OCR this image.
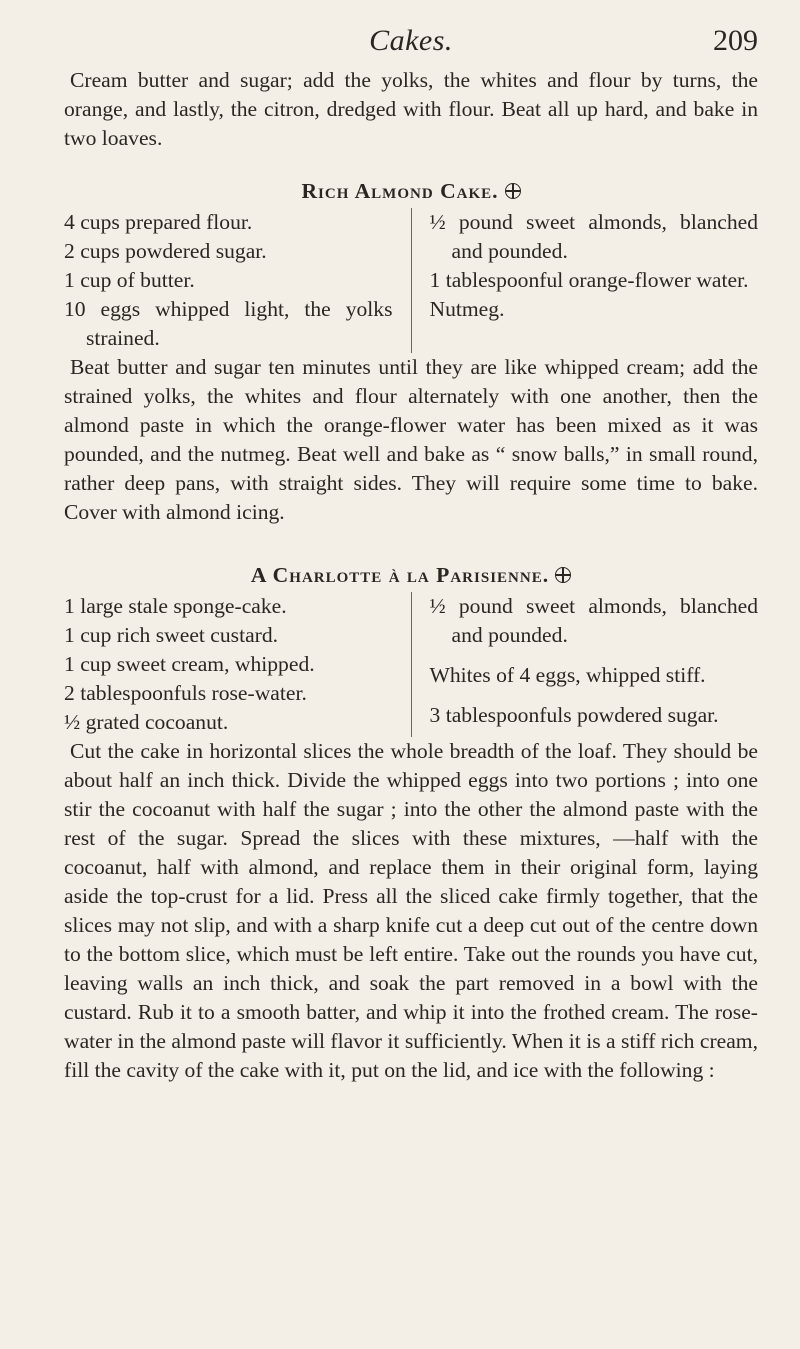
Cakes.	209

Cream butter and sugar; add the yolks, the whites and flour by turns, the orange, and lastly, the citron, dredged with flour. Beat all up hard, and bake in two loaves.

Rich Almond Cake.

4 cups prepared flour.

2 cups powdered sugar.

1 cup of butter.

10 eggs whipped light, the yolks strained.

½ pound sweet almonds, blanched and pounded.

1 tablespoonful orange-flower water.

Nutmeg.

Beat butter and sugar ten minutes until they are like whipped cream; add the strained yolks, the whites and flour alternately with one another, then the almond paste in which the orange-flower water has been mixed as it was pounded, and the nutmeg. Beat well and bake as “ snow balls,” in small round, rather deep pans, with straight sides. They will require some time to bake. Cover with almond icing.

A Charlotte à la Parisienne.

1 large stale sponge-cake.

1 cup rich sweet custard.

1 cup sweet cream, whipped.

2 tablespoonfuls rose-water.

½ grated cocoanut.

½ pound sweet almonds, blanched and pounded.

Whites of 4 eggs, whipped stiff.

3 tablespoonfuls powdered sugar.

Cut the cake in horizontal slices the whole breadth of the loaf. They should be about half an inch thick. Divide the whipped eggs into two portions ; into one stir the cocoanut with half the sugar ; into the other the almond paste with the rest of the sugar. Spread the slices with these mixtures, —half with the cocoanut, half with almond, and replace them in their original form, laying aside the top-crust for a lid. Press all the sliced cake firmly together, that the slices may not slip, and with a sharp knife cut a deep cut out of the centre down to the bottom slice, which must be left entire. Take out the rounds you have cut, leaving walls an inch thick, and soak the part removed in a bowl with the custard. Rub it to a smooth batter, and whip it into the frothed cream. The rose-water in the almond paste will flavor it sufficiently. When it is a stiff rich cream, fill the cavity of the cake with it, put on the lid, and ice with the following :
